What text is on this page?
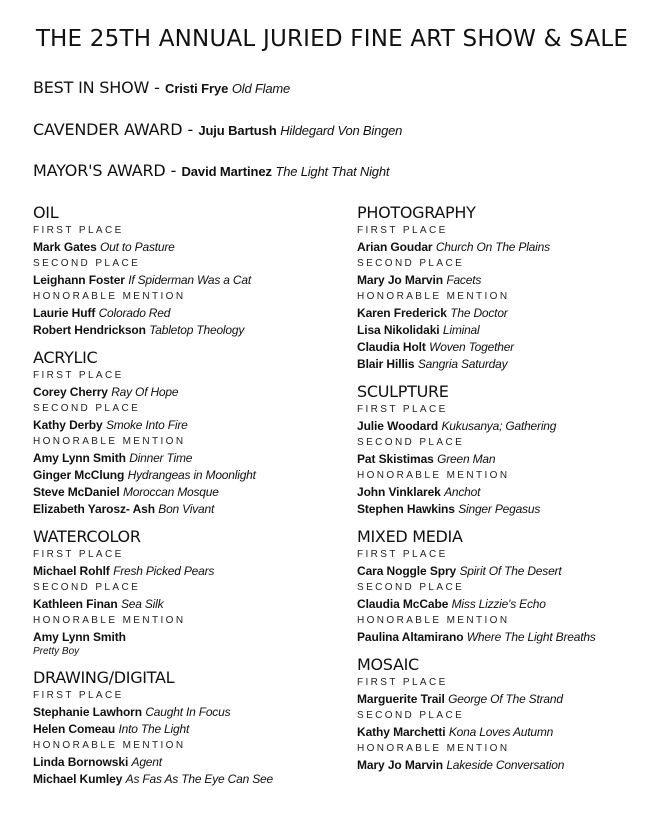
THE 25TH ANNUAL JURIED FINE ART SHOW & SALE
BEST IN SHOW - Cristi Frye Old Flame
CAVENDER AWARD - Juju Bartush Hildegard Von Bingen
MAYOR'S AWARD - David Martinez The Light That Night
OIL
FIRST PLACE
Mark Gates Out to Pasture
SECOND PLACE
Leighann Foster If Spiderman Was a Cat
HONORABLE MENTION
Laurie Huff Colorado Red
Robert Hendrickson Tabletop Theology
ACRYLIC
FIRST PLACE
Corey Cherry Ray Of Hope
SECOND PLACE
Kathy Derby Smoke Into Fire
HONORABLE MENTION
Amy Lynn Smith Dinner Time
Ginger McClung Hydrangeas in Moonlight
Steve McDaniel Moroccan Mosque
Elizabeth Yarosz- Ash Bon Vivant
WATERCOLOR
FIRST PLACE
Michael Rohlf Fresh Picked Pears
SECOND PLACE
Kathleen Finan Sea Silk
HONORABLE MENTION
Amy Lynn Smith
Pretty Boy
DRAWING/DIGITAL
FIRST PLACE
Stephanie Lawhorn Caught In Focus
Helen Comeau Into The Light
HONORABLE MENTION
Linda Bornowski Agent
Michael Kumley As Fas As The Eye Can See
PHOTOGRAPHY
FIRST PLACE
Arian Goudar Church On The Plains
SECOND PLACE
Mary Jo Marvin Facets
HONORABLE MENTION
Karen Frederick The Doctor
Lisa Nikolidaki Liminal
Claudia Holt Woven Together
Blair Hillis Sangria Saturday
SCULPTURE
FIRST PLACE
Julie Woodard Kukusanya; Gathering
SECOND PLACE
Pat Skistimas Green Man
HONORABLE MENTION
John Vinklarek Anchot
Stephen Hawkins Singer Pegasus
MIXED MEDIA
FIRST PLACE
Cara Noggle Spry Spirit Of The Desert
SECOND PLACE
Claudia McCabe Miss Lizzie's Echo
HONORABLE MENTION
Paulina Altamirano Where The Light Breaths
MOSAIC
FIRST PLACE
Marguerite Trail George Of The Strand
SECOND PLACE
Kathy Marchetti Kona Loves Autumn
HONORABLE MENTION
Mary Jo Marvin Lakeside Conversation
